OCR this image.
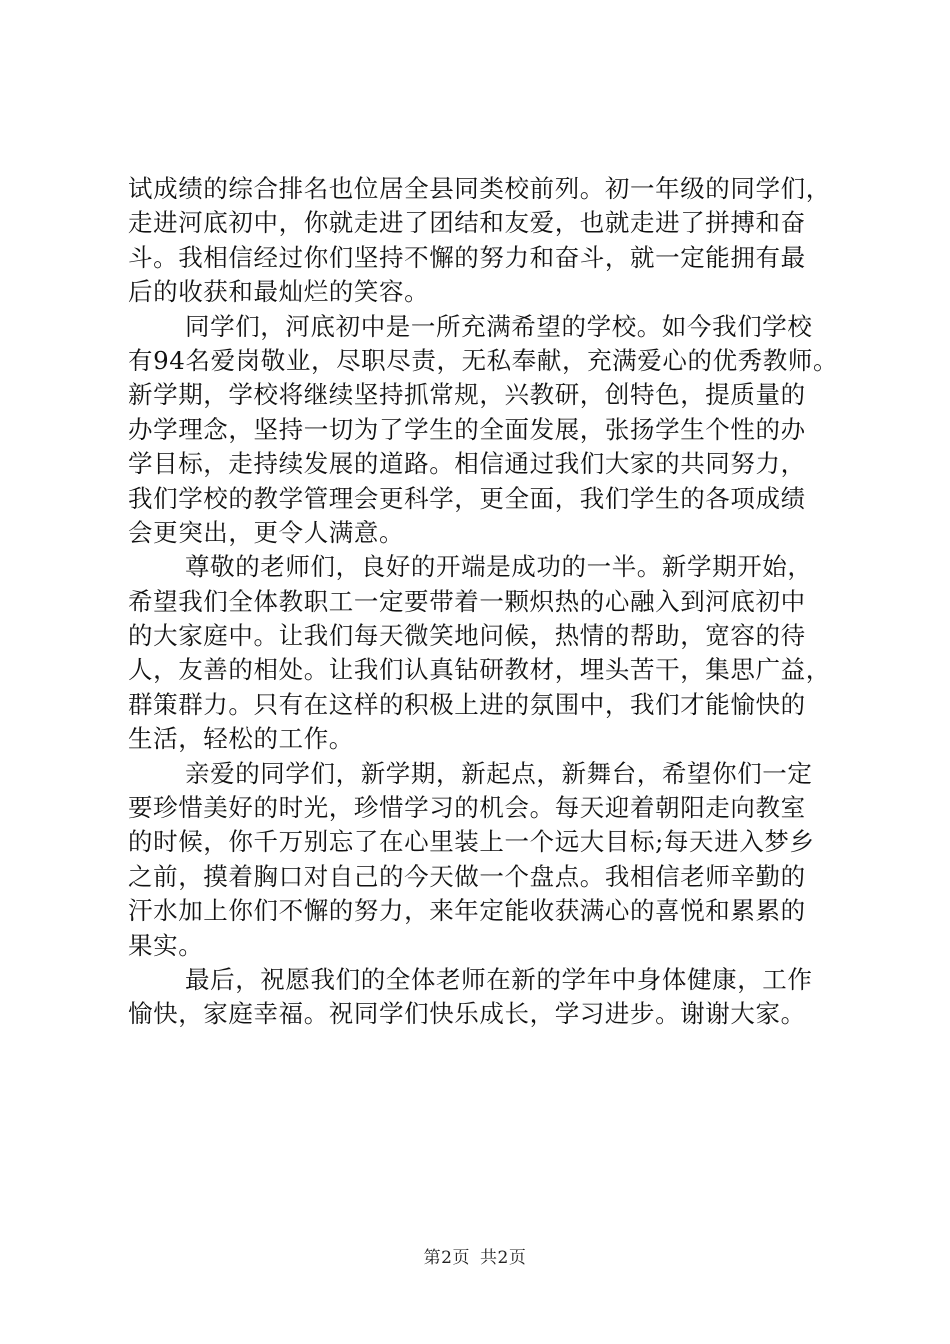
试成绩的综合排名也位居全县同类校前列。初一年级的同学们，
走进河底初中，你就走进了团结和友爱，也就走进了拼搏和奋
斗。我相信经过你们坚持不懈的努力和奋斗，就一定能拥有最
后的收获和最灿烂的笑容。
同学们，河底初中是一所充满希望的学校。如今我们学校
有94名爱岗敬业，尽职尽责，无私奉献，充满爱心的优秀教师。
新学期，学校将继续坚持抓常规，兴教研，创特色，提质量的
办学理念，坚持一切为了学生的全面发展，张扬学生个性的办
学目标，走持续发展的道路。相信通过我们大家的共同努力，
我们学校的教学管理会更科学，更全面，我们学生的各项成绩
会更突出，更令人满意。
尊敬的老师们，良好的开端是成功的一半。新学期开始，
希望我们全体教职工一定要带着一颗炽热的心融入到河底初中
的大家庭中。让我们每天微笑地问候，热情的帮助，宽容的待
人，友善的相处。让我们认真钻研教材，埋头苦干，集思广益，
群策群力。只有在这样的积极上进的氛围中，我们才能愉快的
生活，轻松的工作。
亲爱的同学们，新学期，新起点，新舞台，希望你们一定
要珍惜美好的时光，珍惜学习的机会。每天迎着朝阳走向教室
的时候，你千万别忘了在心里装上一个远大目标;每天进入梦乡
之前，摸着胸口对自己的今天做一个盘点。我相信老师辛勤的
汗水加上你们不懈的努力，来年定能收获满心的喜悦和累累的
果实。
最后，祝愿我们的全体老师在新的学年中身体健康，工作
愉快，家庭幸福。祝同学们快乐成长，学习进步。谢谢大家。
第2页 共2页
